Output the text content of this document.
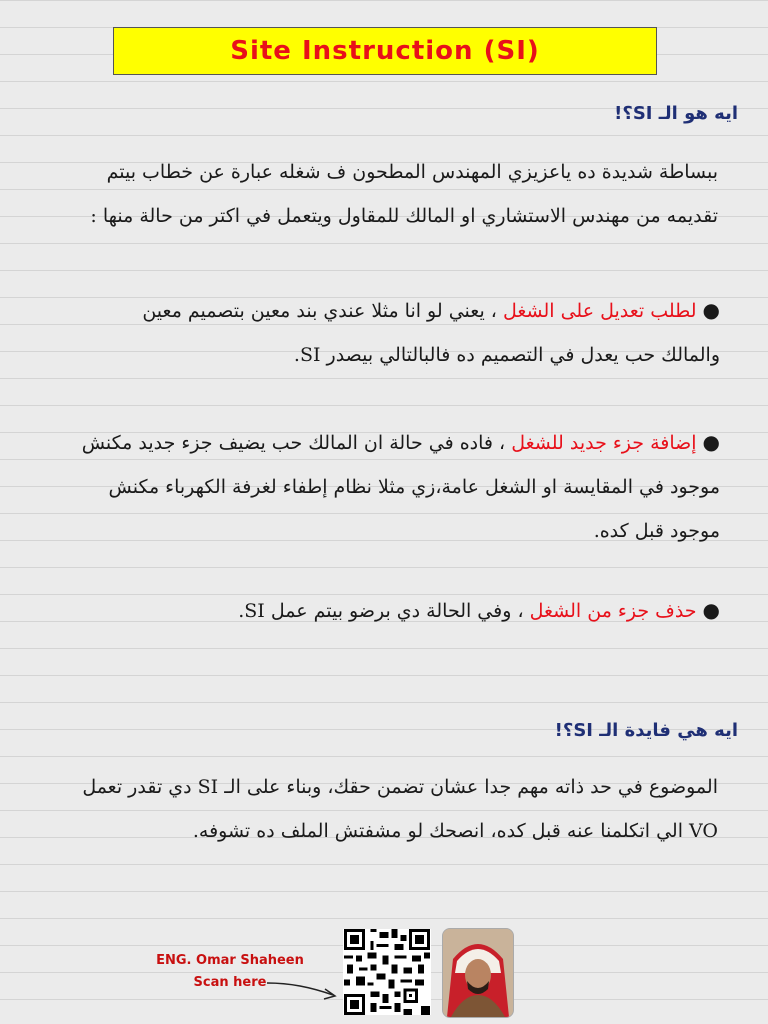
Site Instruction (SI)
ايه هو الـ SI؟!
ببساطة شديدة ده ياعزيزي المهندس المطحون ف شغله عبارة عن خطاب بيتم تقديمه من مهندس الاستشاري او المالك للمقاول ويتعمل في اكتر من حالة منها :
●لطلب تعديل على الشغل ، يعني لو انا مثلا عندي بند معين بتصميم معين والمالك حب يعدل في التصميم ده فالبالتالي بيصدر SI.
●إضافة جزء جديد للشغل ، فاده في حالة ان المالك حب يضيف جزء جديد مكنش موجود في المقايسة او الشغل عامة،زي مثلا نظام إطفاء لغرفة الكهرباء مكنش موجود قبل كده.
●حذف جزء من الشغل ، وفي الحالة دي برضو بيتم عمل SI.
ايه هي فايدة الـ SI؟!
الموضوع في حد ذاته مهم جدا عشان تضمن حقك، وبناء على الـ SI دي تقدر تعمل VO الي اتكلمنا عنه قبل كده، انصحك لو مشفتش الملف ده تشوفه.
ENG. Omar Shaheen
Scan here
